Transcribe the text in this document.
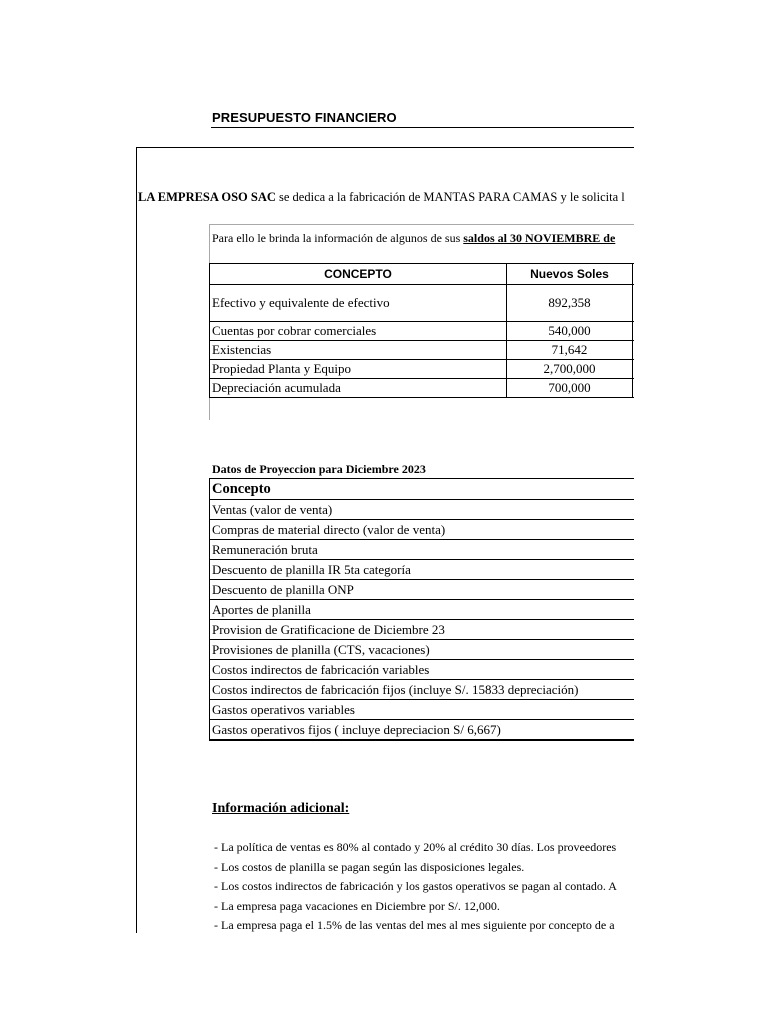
PRESUPUESTO FINANCIERO
LA EMPRESA OSO SAC se dedica a la fabricación de MANTAS PARA CAMAS y le solicita l
Para ello le brinda la información de algunos de sus saldos al 30 NOVIEMBRE de
CONCEPTO	Nuevos Soles	
Efectivo y equivalente de efectivo	892,358	
Cuentas por cobrar comerciales	540,000	
Existencias	71,642	
Propiedad Planta y Equipo	2,700,000	
Depreciación acumulada	700,000	
Datos de Proyeccion para Diciembre 2023
Concepto
Ventas (valor de venta)
Compras de material directo (valor de venta)
Remuneración bruta
Descuento de planilla IR 5ta categoría
Descuento de planilla ONP
Aportes de planilla
Provision de Gratificacione de Diciembre 23
Provisiones de planilla (CTS, vacaciones)
Costos indirectos de fabricación variables
Costos indirectos de fabricación fijos (incluye S/. 15833 depreciación)
Gastos operativos variables
Gastos operativos fijos ( incluye depreciacion S/ 6,667)
Información adicional:
- La política de ventas es 80% al contado y 20% al crédito 30 días. Los proveedores
- Los costos de planilla se pagan según las disposiciones legales.
- Los costos indirectos de fabricación y los gastos operativos se pagan al contado. A
- La empresa paga vacaciones en Diciembre por S/. 12,000.
- La empresa paga el 1.5% de las ventas del mes al mes siguiente por concepto de a
